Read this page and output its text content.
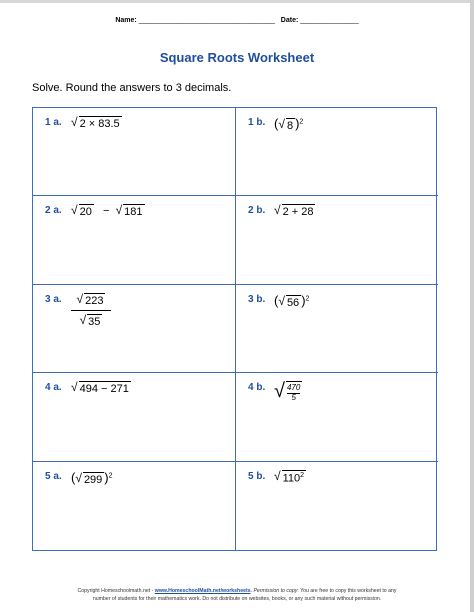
Name: ___________________________________ Date: _______________
Square Roots Worksheet
Solve. Round the answers to 3 decimals.
1 a. √ 2 × 83.5	1 b. ( √ 8 )$^2$
2 a. √ 20 − √ 181	2 b. √ 2 + 28
3 a. $\frac{√ 223}{√ 35}$	3 b. ( √ 56 )$^2$
4 a. √ 494 − 271	4 b. √ $\frac{470}{5}$
5 a. ( √ 299 )$^2$	5 b. √ $110^2$
Copyright Homeschoolmath.net - www.HomeschoolMath.net/worksheets. Permission to copy: You are free to copy this worksheet to any
number of students for their mathematics work. Do not distribute on websites, books, or any such material without permission.
